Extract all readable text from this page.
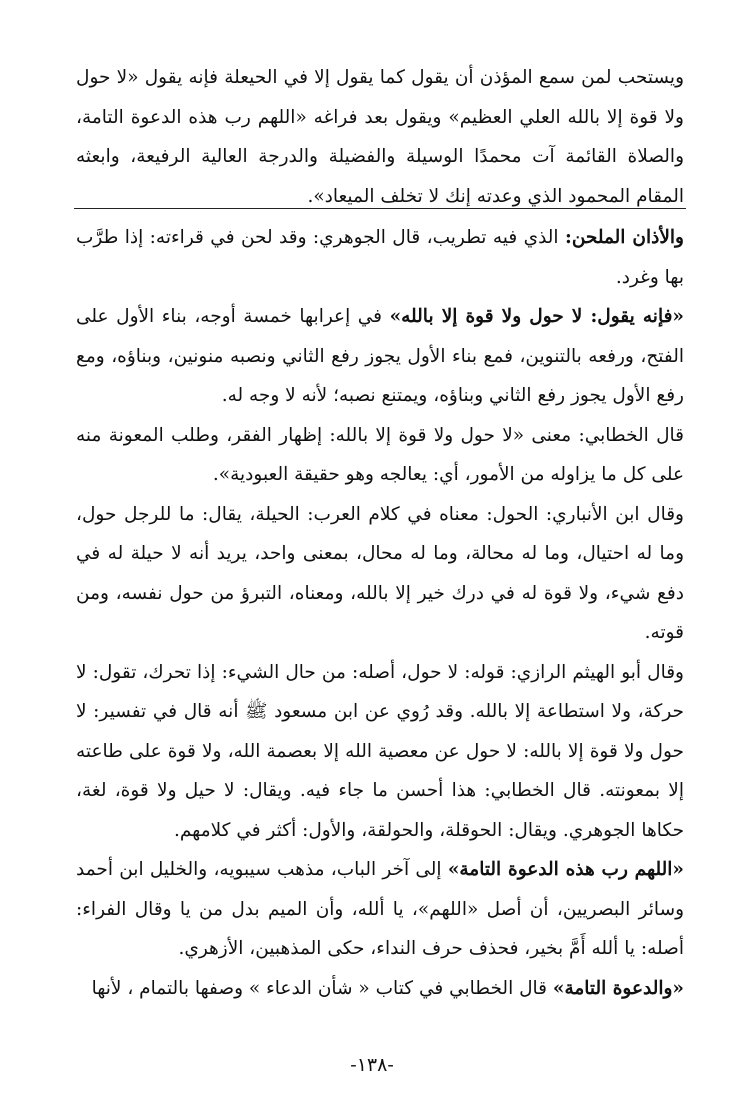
ويستحب لمن سمع المؤذن أن يقول كما يقول إلا في الحيعلة فإنه يقول «لا حول ولا قوة إلا بالله العلي العظيم» ويقول بعد فراغه «اللهم رب هذه الدعوة التامة، والصلاة القائمة آت محمدًا الوسيلة والفضيلة والدرجة العالية الرفيعة، وابعثه المقام المحمود الذي وعدته إنك لا تخلف الميعاد».

والأذان الملحن: الذي فيه تطريب، قال الجوهري: وقد لحن في قراءته: إذا طرَّب بها وغرد.

«فإنه يقول: لا حول ولا قوة إلا بالله» في إعرابها خمسة أوجه، بناء الأول على الفتح، ورفعه بالتنوين، فمع بناء الأول يجوز رفع الثاني ونصبه منونين، وبناؤه، ومع رفع الأول يجوز رفع الثاني وبناؤه، ويمتنع نصبه؛ لأنه لا وجه له.

قال الخطابي: معنى «لا حول ولا قوة إلا بالله: إظهار الفقر، وطلب المعونة منه على كل ما يزاوله من الأمور، أي: يعالجه وهو حقيقة العبودية».

وقال ابن الأنباري: الحول: معناه في كلام العرب: الحيلة، يقال: ما للرجل حول، وما له احتيال، وما له محالة، وما له محال، بمعنى واحد، يريد أنه لا حيلة له في دفع شيء، ولا قوة له في درك خير إلا بالله، ومعناه، التبرؤ من حول نفسه، ومن قوته.

وقال أبو الهيثم الرازي: قوله: لا حول، أصله: من حال الشيء: إذا تحرك، تقول: لا حركة، ولا استطاعة إلا بالله. وقد رُوي عن ابن مسعود ﷺ أنه قال في تفسير: لا حول ولا قوة إلا بالله: لا حول عن معصية الله إلا بعصمة الله، ولا قوة على طاعته إلا بمعونته. قال الخطابي: هذا أحسن ما جاء فيه. ويقال: لا حيل ولا قوة، لغة، حكاها الجوهري. ويقال: الحوقلة، والحولقة، والأول: أكثر في كلامهم.

«اللهم رب هذه الدعوة التامة» إلى آخر الباب، مذهب سيبويه، والخليل ابن أحمد وسائر البصريين، أن أصل «اللهم»، يا ألله، وأن الميم بدل من يا وقال الفراء: أصله: يا ألله أَمَّ بخير، فحذف حرف النداء، حكى المذهبين، الأزهري.

«والدعوة التامة» قال الخطابي في كتاب « شأن الدعاء » وصفها بالتمام ، لأنها

-١٣٨-
